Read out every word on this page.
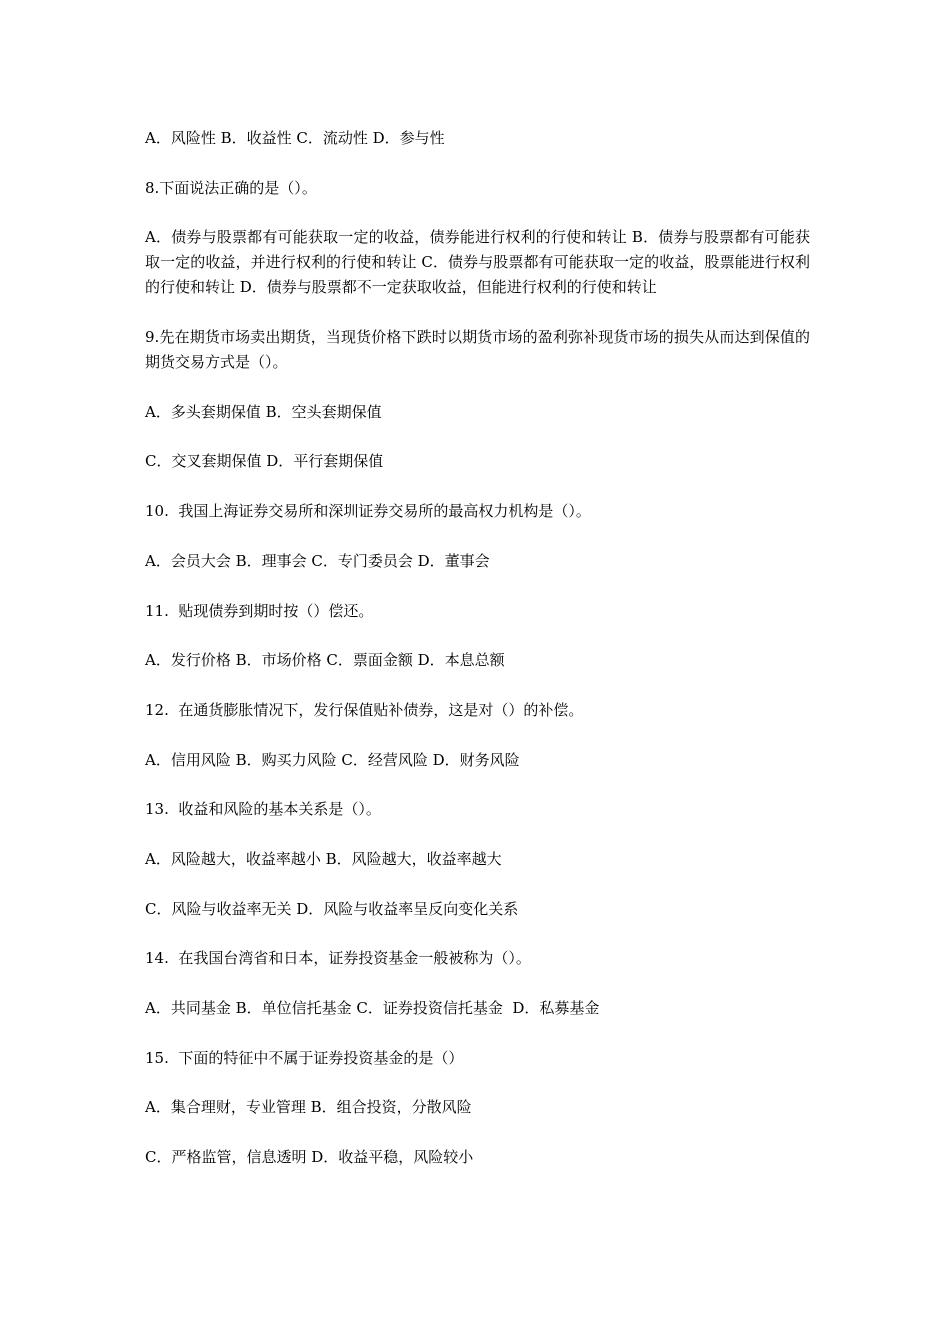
A．风险性 B．收益性 C．流动性 D．参与性

8.下面说法正确的是（）。

A．债券与股票都有可能获取一定的收益，债券能进行权利的行使和转让 B．债券与股票都有可能获取一定的收益，并进行权利的行使和转让 C．债券与股票都有可能获取一定的收益，股票能进行权利的行使和转让 D．债券与股票都不一定获取收益，但能进行权利的行使和转让

9.先在期货市场卖出期货，当现货价格下跌时以期货市场的盈利弥补现货市场的损失从而达到保值的期货交易方式是（）。

A．多头套期保值 B．空头套期保值

C．交叉套期保值 D．平行套期保值

10.  我国上海证券交易所和深圳证券交易所的最高权力机构是（）。

A．会员大会 B．理事会 C．专门委员会 D．董事会

11.  贴现债券到期时按（）偿还。

A．发行价格 B．市场价格 C．票面金额 D．本息总额

12.  在通货膨胀情况下，发行保值贴补债券，这是对（）的补偿。

A．信用风险 B．购买力风险 C．经营风险 D．财务风险

13.  收益和风险的基本关系是（）。

A．风险越大，收益率越小 B．风险越大，收益率越大

C．风险与收益率无关 D．风险与收益率呈反向变化关系

14.  在我国台湾省和日本，证券投资基金一般被称为（）。

A．共同基金 B．单位信托基金 C．证券投资信托基金  D．私募基金

15.  下面的特征中不属于证券投资基金的是（）

A．集合理财，专业管理 B．组合投资，分散风险

C．严格监管，信息透明 D．收益平稳，风险较小
